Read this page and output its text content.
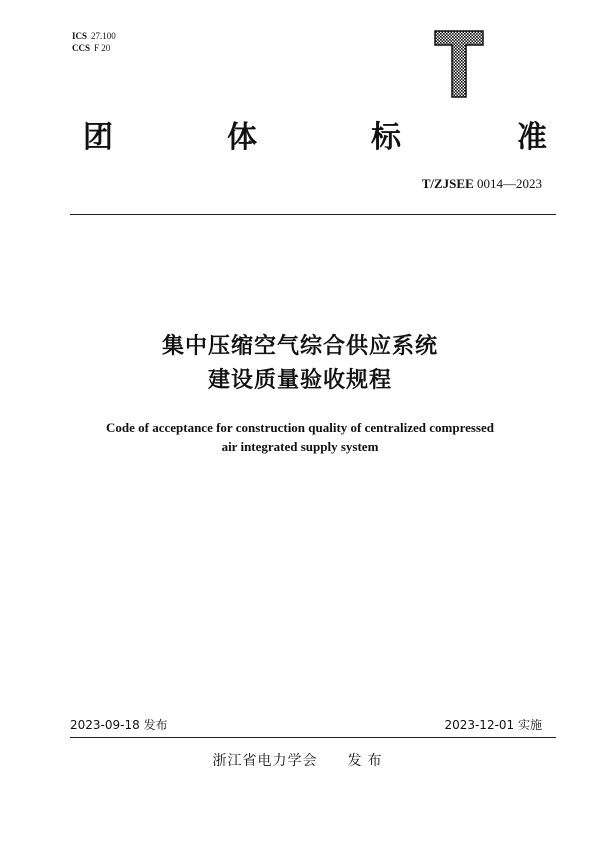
ICS 27.100
CCS F 20
团	体	标	准
T/ZJSEE 0014—2023
集中压缩空气综合供应系统
建设质量验收规程
Code of acceptance for construction quality of centralized compressed
air integrated supply system
2023-09-18 发布	2023-12-01 实施
浙江省电力学会 发布
